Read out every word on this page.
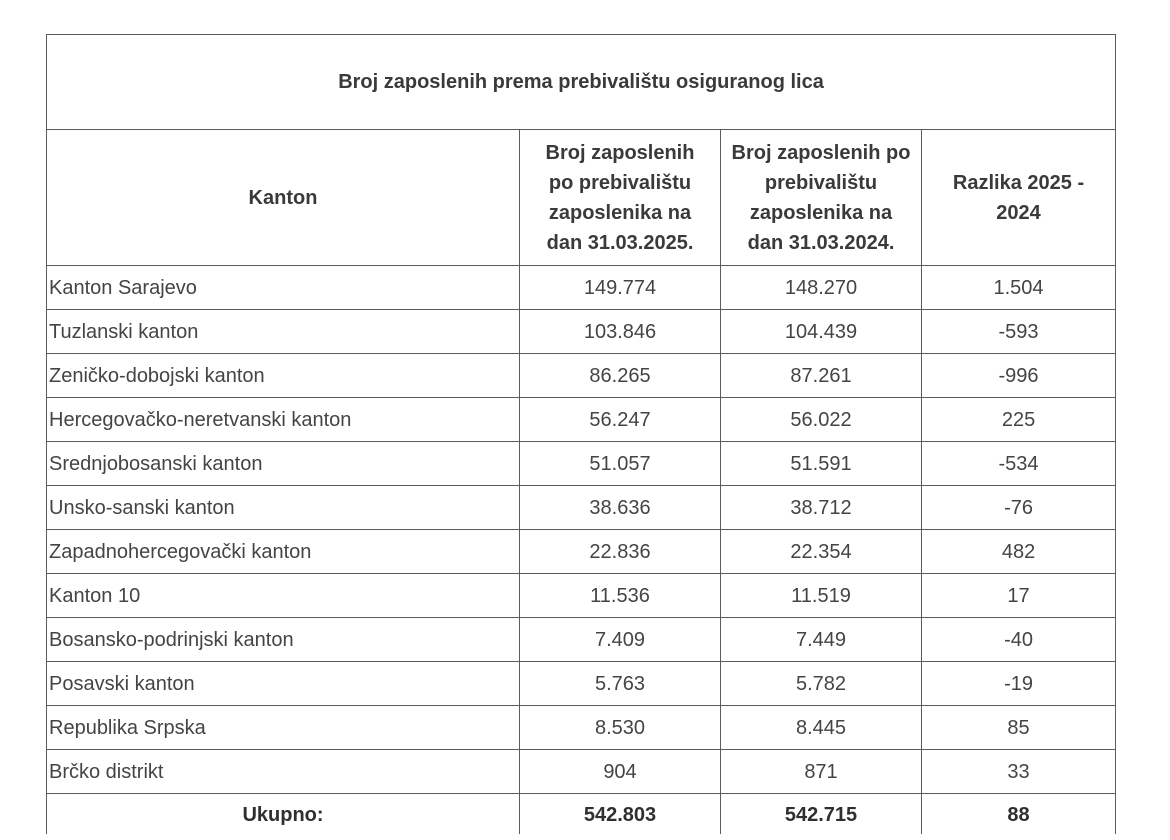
Broj zaposlenih prema prebivalištu osiguranog lica			
Kanton	Broj zaposlenih po prebivalištu zaposlenika na dan 31.03.2025.	Broj zaposlenih po prebivalištu zaposlenika na dan 31.03.2024.	Razlika 2025 - 2024
Kanton Sarajevo	149.774	148.270	1.504
Tuzlanski kanton	103.846	104.439	-593
Zeničko-dobojski kanton	86.265	87.261	-996
Hercegovačko-neretvanski kanton	56.247	56.022	225
Srednjobosanski kanton	51.057	51.591	-534
Unsko-sanski kanton	38.636	38.712	-76
Zapadnohercegovački kanton	22.836	22.354	482
Kanton 10	11.536	11.519	17
Bosansko-podrinjski kanton	7.409	7.449	-40
Posavski kanton	5.763	5.782	-19
Republika Srpska	8.530	8.445	85
Brčko distrikt	904	871	33
Ukupno:	542.803	542.715	88
